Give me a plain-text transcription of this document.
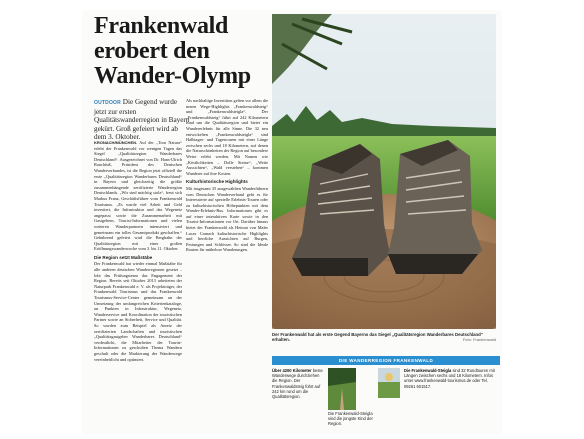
Frankenwald erobert den Wander-Olymp
OUTDOOR Die Gegend wurde jetzt zur ersten Qualitätswanderregion in Bayern gekürt. Groß gefeiert wird ab dem 3. Oktober.
KRONACH/MÜNCHEN. Auf der „Tour Natura“ erlebt der Frankenwald vor wenigen Tagen das Siegel „Qualitätsregion Wanderbares Deutschland“. Ausgezeichnet von Dr. Hans-Ulrich Rauchfuß, Präsident des Deutschen Wanderverbandes, ist die Region jetzt offiziell die erste „Qualitätsregion Wanderbares Deutschland“ in Bayern und gleichzeitig die größte zusammenhängende zertifizierte Wanderregion Deutschlands. „Wir sind mächtig stolz“, freut sich Markus Franz, Geschäftsführer vom Frankenwald Tourismus. „Es wurde viel Arbeit und Geld investiert, die Infrastruktur und das Wegenetz angepasst sowie die Zusammenarbeit mit Gastgebern, Tourist-Informationen und vielen weiteren Wanderpartnern intensiviert und gemeinsam ein tolles Gesamtprodukt geschaffen.“ Gebührend gefeiert wird die Bergbahn der Qualitätsregion mit einer großen Eröffnungswanderwoche vom 3. bis 11. Oktober.
Die Region setzt Maßstäbe
Der Frankenwald hat wieder einmal Maßstäbe für alle anderen deutschen Wanderregionen gesetzt – lobt das Prüfungsteam das Engagement der Region. Bereits seit Oktober 2013 arbeiteten der Naturpark Frankenwald e. V. als Projektträger, der Frankenwald Tourismus und das Frankenwald Tourismus-Service-Center gemeinsam an der Umsetzung der umfangreichen Kriterienkataloge, an Punkten in Infrastruktur, Wegenetz, Wanderservice und Koordination der touristischen Partner sowie an Sicherheit, Service und Qualität. So wurden zum Beispiel als Anreiz der zertifizierten Landschaften und touristischen „Qualitätsgastgeber Wanderbares Deutschland“ verdeutlicht, die Mitarbeiter der Tourist-Informationen zu geschulten Thema Wandern geschult oder die Markierung der Wanderwege vereinheitlicht und optimiert.
Als nachhaltige Investition gelten vor allem die neuen Wege-Highlights „Frankenwaldsteig“ und „Frankenwaldsteigla“. Der „Frankenwaldsteig“ führt auf 242 Kilometern rund um die Qualitätsregion und bietet ein Wandererlebnis für alle Sinne. Die 32 neu entwickelten „Frankenwaldsteigla“ sind Halbtages- und Tagestouren mit einer Länge zwischen sechs und 18 Kilometern, auf denen die Naturschönheiten der Region auf besondere Weise erlebt werden. Mit Namen wie „Köstlichkeiten – Dolle Steine“, „Weite Aussichten“, „Wald verstehen“ – kommen Wanderer auf ihre Kosten.
Kulturhistorische Highlights
Mit insgesamt 35 ausgewählten Wanderführern vom Deutschen Wanderverband geht es für Interessierte auf spezielle Erlebnis-Touren oder zu kulturhistorischen Höhepunkten mit dem Wander-Erlebnis-Bus. Informationen gibt es auf einer interaktiven Karte sowie in den Tourist-Informationen vor Ort. Darüber hinaus bietet der Frankenwald als Heimat von Maler Lucas Cranach kulturhistorische Highlights und herrliche Aussichten auf Burgen, Festungen und Schlösser. So sind die Ideale Routen für mühelose Wanderungen.
Der Frankenwald hat als erste Gegend Bayerns das Siegel „Qualitätsregion Wanderbares Deutschland“ erhalten.	Foto: Frankenwald
DIE WANDERREGION FRANKENWALD
Über 4200 Kilometer beste Wanderwege durchziehen die Region. Der Frankenwaldsteig führt auf 242 km rund um die Qualitätsregion.
Die Frankenwald-Steigla sind die jüngste Kind der Region.
Die Frankenwald-Steigla sind 32 Rundtouren mit Längen zwischen sechs und 18 Kilometern. Infos unter www.frankenwald-tourismus.de oder Tel. 09261 601517.
